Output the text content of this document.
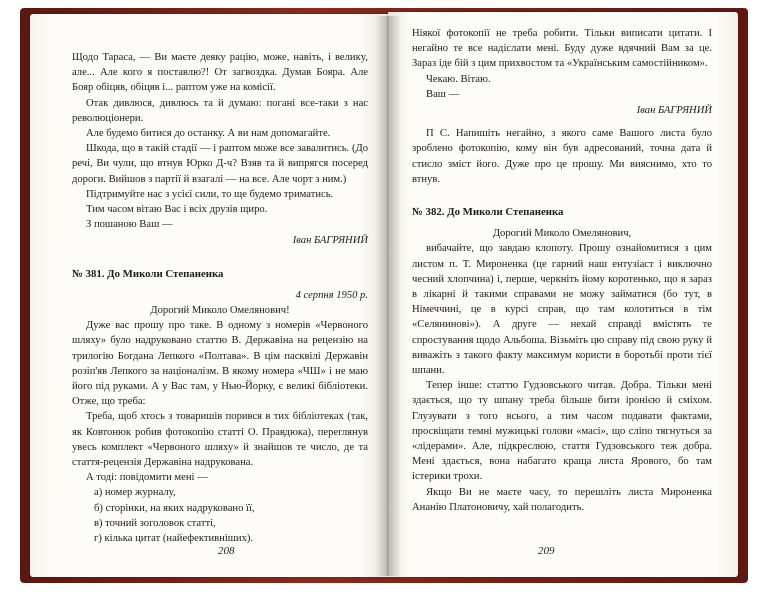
Щодо Тараса, — Ви маєте деяку рацію, може, навіть, і великy, але... Але кого я поставлю?! От загвоздка. Думав Бояра. Але Бояр обіцяв, обіцяв і... раптом уже на комісії.

Отак дивлюся, дивлюсь та й думаю: погані все-таки з нас революціонери.

Але будемо битися до останку. А ви нам допомагайте.

Шкода, що в такій стадії — і раптом може все завалитись. (До речі, Ви чули, що втнув Юрко Д-ч? Взяв та й випрягся посеред дороги. Вийшов з партії й взагалі — на все. Але чорт з ним.)

Підтримуйте нас з усієї сили, то ще будемо триматись.

Тим часом вітаю Вас і всіх друзів щиро.

З пошаною Ваш —

Іван БАГРЯНИЙ

№ 381. До Миколи Степаненка

4 серпня 1950 р.

Дорогий Миколо Омелянович!

Дуже вас прошу про таке. В одному з номерів «Червоного шляху» було надруковано статтю В. Державіна на рецензію на трилогію Богдана Лепкого «Полтава». В цім пасквілі Державін розіп'яв Лепкого за націоналізм. В якому номера «ЧШ» і не маю його під руками. А у Вас там, у Нью-Йорку, є великі бібліотеки. Отже, що треба:

Треба, щоб хтось з товаришів порився в тих бібліотеках (так, як Ковтонюк робив фотокопію статті О. Правдюка), переглянув увесь комплект «Червоного шляху» й знайшов те число, де та стаття-рецензія Державіна надрукована.

А тоді: повідомити мені —

а) номер журналу,

б) сторінки, на яких надруковано її,

в) точний зоголовок статті,

г) кілька цитат (найефективніших).

208

Ніякої фотокопії не треба робити. Тільки виписати цитати. І негайно те все надіслати мені. Буду дуже вдячний Вам за це. Зараз іде бій з цим прихвостом та «Українським самостійником».

Чекаю. Вітаю.

Ваш —

Іван БАГРЯНИЙ

П С. Напишіть негайно, з якого саме Вашого листа було зроблено фотокопію, кому він був адресований, точна дата й стисло зміст його. Дуже про це прошу. Ми вияснимо, хто то втнув.

№ 382. До Миколи Степаненка

Дорогий Миколо Омелянович,

вибачайте, що завдаю клопоту. Прошу ознайомитися з цим листом п. Т. Мироненка (це гарний наш ентузіаст і виключно чесний хлопчина) і, перше, черкніть йому коротенько, що я зараз в лікарні й такими справами не можу займатися (бо тут, в Німеччині, це в курсі справ, що там колотиться в тім «Селянинові»). А друге — нехай справді вмістять те спростування щодо Альбоша. Візьміть цю справу під свою руку й виважіть з такого факту максимум користи в боротьбі проти тієї шпани.

Тепер інше: статтю Гудзовського читав. Добра. Тільки мені здається, що ту шпану треба більше бити іронією й сміхом. Глузувати з того всього, а тим часом подавати фактами, просвіщати темні мужицькі голови «масі», що сліпо тягнуться за «лідерами». Але, підкреслюю, стаття Гудзовського теж добра. Мені здається, вона набагато краща листа Ярового, бо там істерики трохи.

Якщо Ви не маєте часу, то перешліть листа Мироненка Ананію Платоновичу, хай полагодить.

209
